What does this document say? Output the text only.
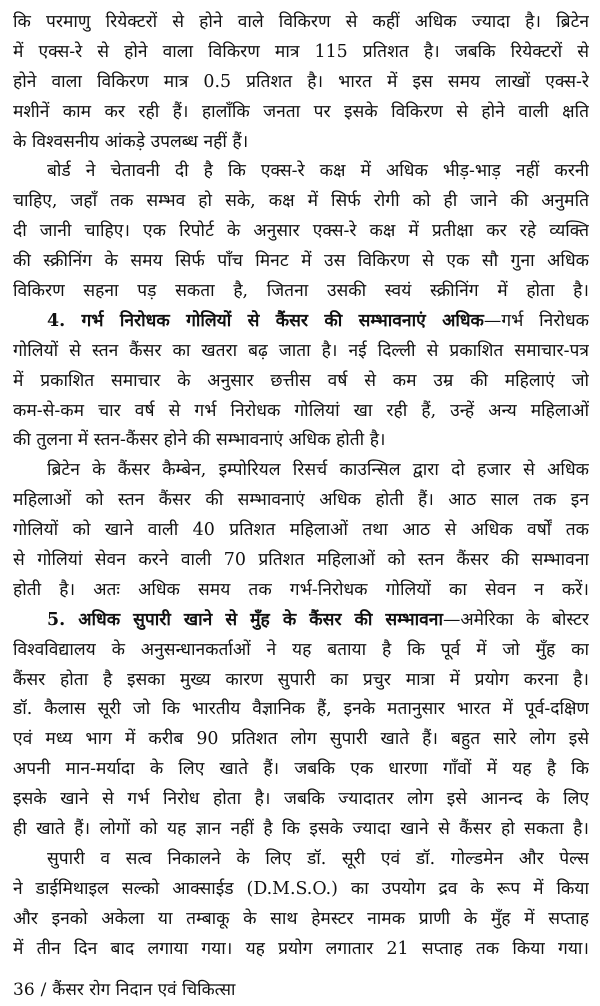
कि परमाणु रियेक्टरों से होने वाले विकिरण से कहीं अधिक ज्यादा है। ब्रिटेन
में एक्स-रे से होने वाला विकिरण मात्र 115 प्रतिशत है। जबकि रियेक्टरों से
होने वाला विकिरण मात्र 0.5 प्रतिशत है। भारत में इस समय लाखों एक्स-रे
मशीनें काम कर रही हैं। हालाँकि जनता पर इसके विकिरण से होने वाली क्षति
के विश्वसनीय आंकड़े उपलब्ध नहीं हैं।
बोर्ड ने चेतावनी दी है कि एक्स-रे कक्ष में अधिक भीड़-भाड़ नहीं करनी
चाहिए, जहाँ तक सम्भव हो सके, कक्ष में सिर्फ रोगी को ही जाने की अनुमति
दी जानी चाहिए। एक रिपोर्ट के अनुसार एक्स-रे कक्ष में प्रतीक्षा कर रहे व्यक्ति
की स्क्रीनिंग के समय सिर्फ पाँच मिनट में उस विकिरण से एक सौ गुना अधिक
विकिरण सहना पड़ सकता है, जितना उसकी स्वयं स्क्रीनिंग में होता है।
4. गर्भ निरोधक गोलियों से कैंसर की सम्भावनाएं अधिक—गर्भ निरोधक
गोलियों से स्तन कैंसर का खतरा बढ़ जाता है। नई दिल्ली से प्रकाशित समाचार-पत्र
में प्रकाशित समाचार के अनुसार छत्तीस वर्ष से कम उम्र की महिलाएं जो
कम-से-कम चार वर्ष से गर्भ निरोधक गोलियां खा रही हैं, उन्हें अन्य महिलाओं
की तुलना में स्तन-कैंसर होने की सम्भावनाएं अधिक होती है।
ब्रिटेन के कैंसर कैम्बेन, इम्पोरियल रिसर्च काउन्सिल द्वारा दो हजार से अधिक
महिलाओं को स्तन कैंसर की सम्भावनाएं अधिक होती हैं। आठ साल तक इन
गोलियों को खाने वाली 40 प्रतिशत महिलाओं तथा आठ से अधिक वर्षों तक
से गोलियां सेवन करने वाली 70 प्रतिशत महिलाओं को स्तन कैंसर की सम्भावना
होती है। अतः अधिक समय तक गर्भ-निरोधक गोलियों का सेवन न करें।
5. अधिक सुपारी खाने से मुँह के कैंसर की सम्भावना—अमेरिका के बोस्टर
विश्वविद्यालय के अनुसन्धानकर्ताओं ने यह बताया है कि पूर्व में जो मुँह का
कैंसर होता है इसका मुख्य कारण सुपारी का प्रचुर मात्रा में प्रयोग करना है।
डॉ. कैलास सूरी जो कि भारतीय वैज्ञानिक हैं, इनके मतानुसार भारत में पूर्व-दक्षिण
एवं मध्य भाग में करीब 90 प्रतिशत लोग सुपारी खाते हैं। बहुत सारे लोग इसे
अपनी मान-मर्यादा के लिए खाते हैं। जबकि एक धारणा गाँवों में यह है कि
इसके खाने से गर्भ निरोध होता है। जबकि ज्यादातर लोग इसे आनन्द के लिए
ही खाते हैं। लोगों को यह ज्ञान नहीं है कि इसके ज्यादा खाने से कैंसर हो सकता है।
सुपारी व सत्व निकालने के लिए डॉ. सूरी एवं डॉ. गोल्डमेन और पेल्स
ने डाईमिथाइल सल्को आक्साईड (D.M.S.O.) का उपयोग द्रव के रूप में किया
और इनको अकेला या तम्बाकू के साथ हेमस्टर नामक प्राणी के मुँह में सप्ताह
में तीन दिन बाद लगाया गया। यह प्रयोग लगातार 21 सप्ताह तक किया गया।
36 / कैंसर रोग निदान एवं चिकित्सा
